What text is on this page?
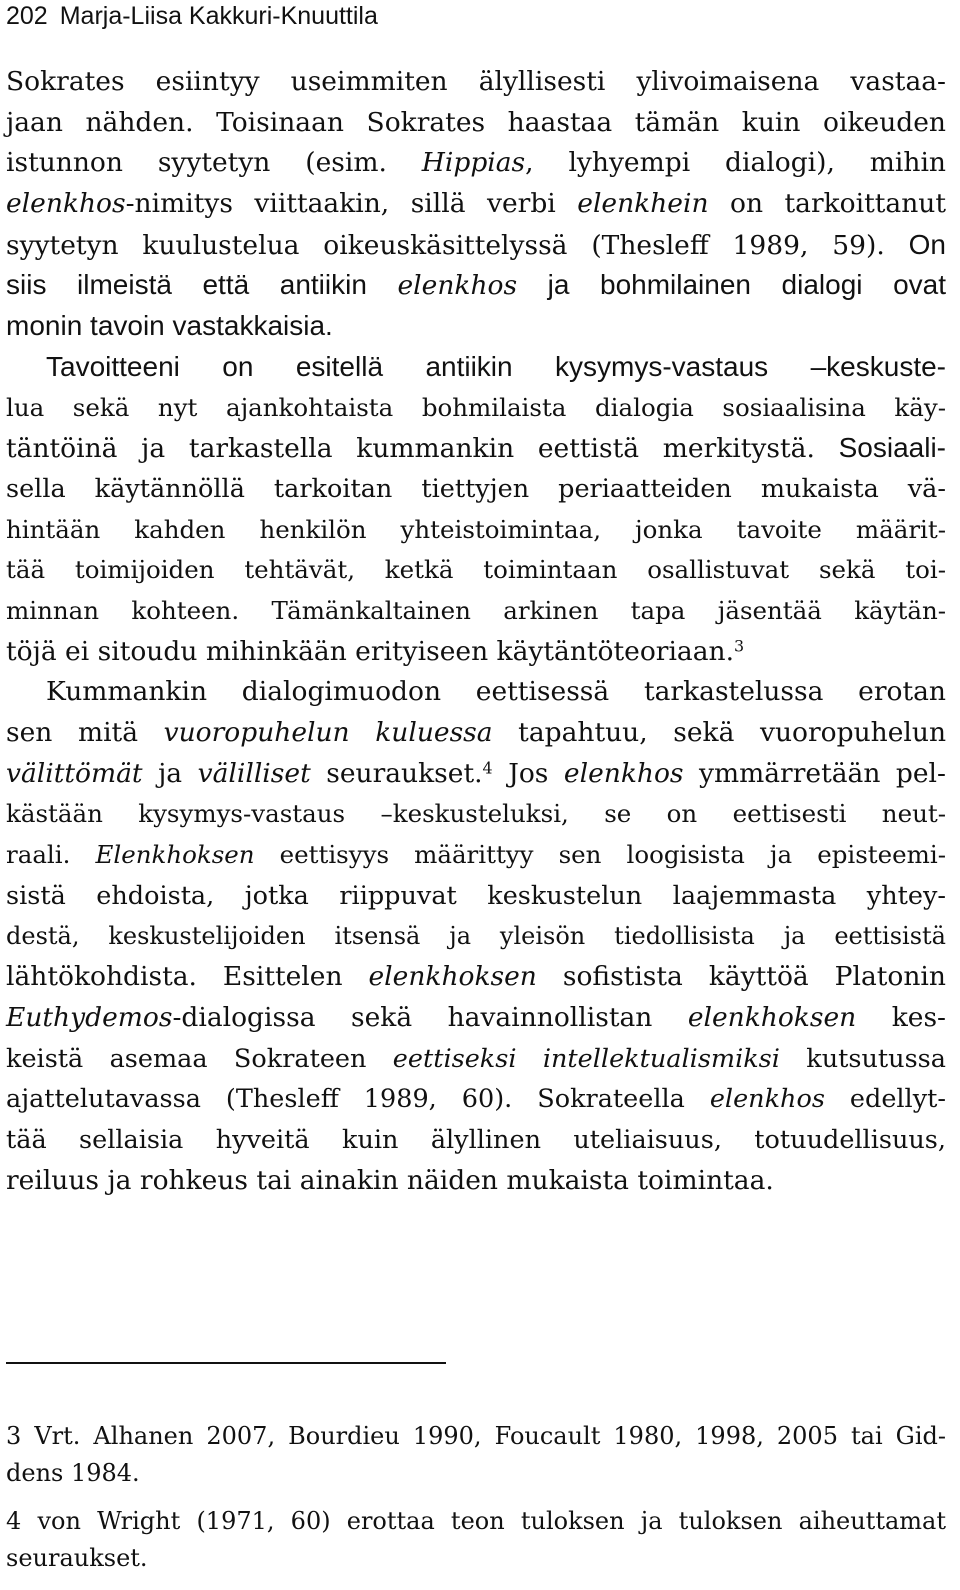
202 Marja-Liisa Kakkuri-Knuuttila
Sokrates esiintyy useimmiten älyllisesti ylivoimaisena vastaa-
jaan nähden. Toisinaan Sokrates haastaa tämän kuin oikeuden
istunnon syytetyn (esim. Hippias, lyhyempi dialogi), mihin
elenkhos-nimitys viittaakin, sillä verbi elenkhein on tarkoittanut
syytetyn kuulustelua oikeuskäsittelyssä (Thesleff 1989, 59). On
siis ilmeistä että antiikin elenkhos ja bohmilainen dialogi ovat
monin tavoin vastakkaisia.
Tavoitteeni on esitellä antiikin kysymys-vastaus –keskuste-
lua sekä nyt ajankohtaista bohmilaista dialogia sosiaalisina käy-
täntöinä ja tarkastella kummankin eettistä merkitystä. Sosiaali-
sella käytännöllä tarkoitan tiettyjen periaatteiden mukaista vä-
hintään kahden henkilön yhteistoimintaa, jonka tavoite määrit-
tää toimijoiden tehtävät, ketkä toimintaan osallistuvat sekä toi-
minnan kohteen. Tämänkaltainen arkinen tapa jäsentää käytän-
töjä ei sitoudu mihinkään erityiseen käytäntöteoriaan.$^3$
Kummankin dialogimuodon eettisessä tarkastelussa erotan
sen mitä vuoropuhelun kuluessa tapahtuu, sekä vuoropuhelun
välittömät ja välilliset seuraukset.$^4$ Jos elenkhos ymmärretään pel-
kästään kysymys-vastaus –keskusteluksi, se on eettisesti neut-
raali. Elenkhoksen eettisyys määrittyy sen loogisista ja episteemi-
sistä ehdoista, jotka riippuvat keskustelun laajemmasta yhtey-
destä, keskustelijoiden itsensä ja yleisön tiedollisista ja eettisistä
lähtökohdista. Esittelen elenkhoksen sofistista käyttöä Platonin
Euthydemos-dialogissa sekä havainnollistan elenkhoksen kes-
keistä asemaa Sokrateen eettiseksi intellektualismiksi kutsutussa
ajattelutavassa (Thesleff 1989, 60). Sokrateella elenkhos edellyt-
tää sellaisia hyveitä kuin älyllinen uteliaisuus, totuudellisuus,
reiluus ja rohkeus tai ainakin näiden mukaista toimintaa.
3 Vrt. Alhanen 2007, Bourdieu 1990, Foucault 1980, 1998, 2005 tai Gid-
dens 1984.
4 von Wright (1971, 60) erottaa teon tuloksen ja tuloksen aiheuttamat
seuraukset.
